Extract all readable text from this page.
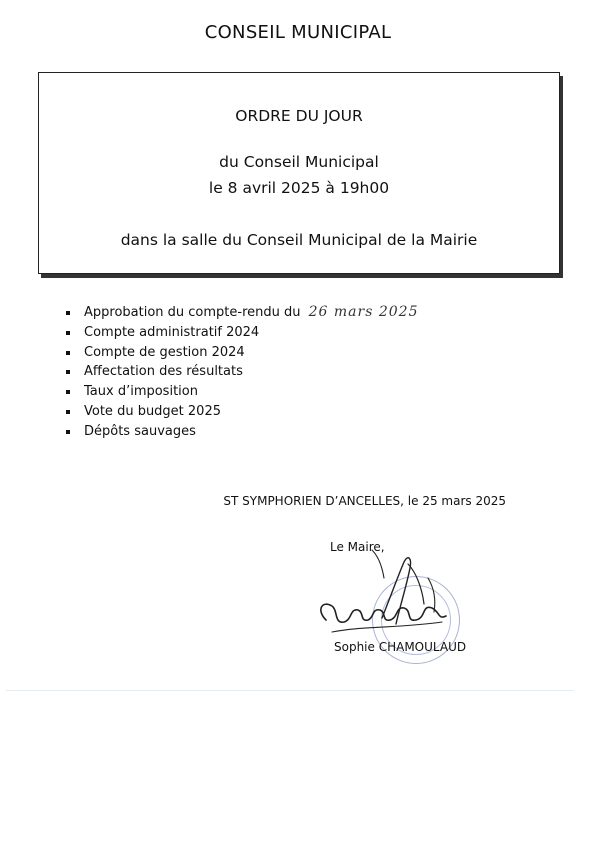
CONSEIL MUNICIPAL
ORDRE DU JOUR
du Conseil Municipal
le 8 avril 2025 à 19h00
dans la salle du Conseil Municipal de la Mairie
Approbation du compte-rendu du 26 mars 2025
Compte administratif 2024
Compte de gestion 2024
Affectation des résultats
Taux d’imposition
Vote du budget 2025
Dépôts sauvages
ST SYMPHORIEN D’ANCELLES, le 25 mars 2025
Le Maire,
Sophie CHAMOULAUD
